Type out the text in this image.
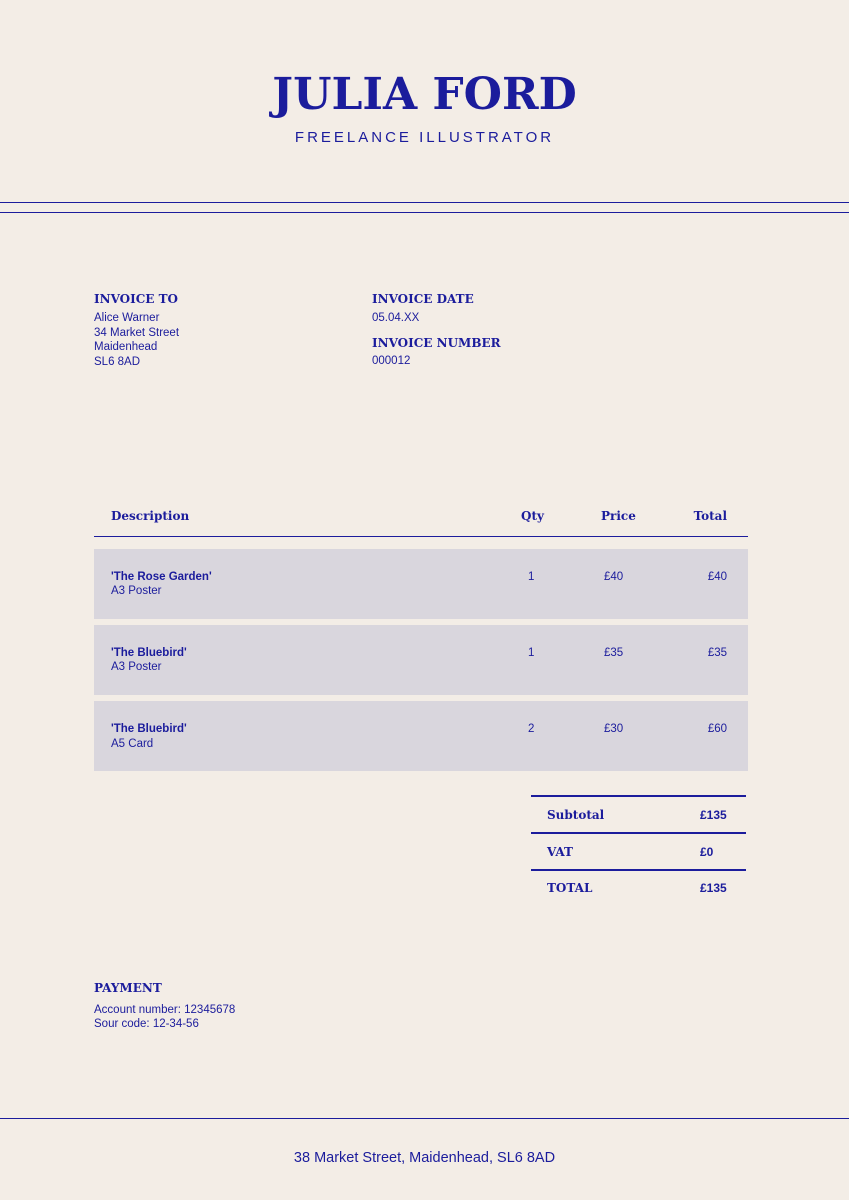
JULIA FORD
FREELANCE ILLUSTRATOR
INVOICE TO
Alice Warner
34 Market Street
Maidenhead
SL6 8AD
INVOICE DATE
05.04.XX
INVOICE NUMBER
000012
Description	Qty	Price	Total
'The Rose Garden'
A3 Poster
1	£40	£40
'The Bluebird'
A3 Poster
1	£35	£35
'The Bluebird'
A5 Card
2	£30	£60
Subtotal	£135
VAT	£0
TOTAL	£135
PAYMENT
Account number: 12345678
Sour code: 12-34-56
38 Market Street, Maidenhead, SL6 8AD
